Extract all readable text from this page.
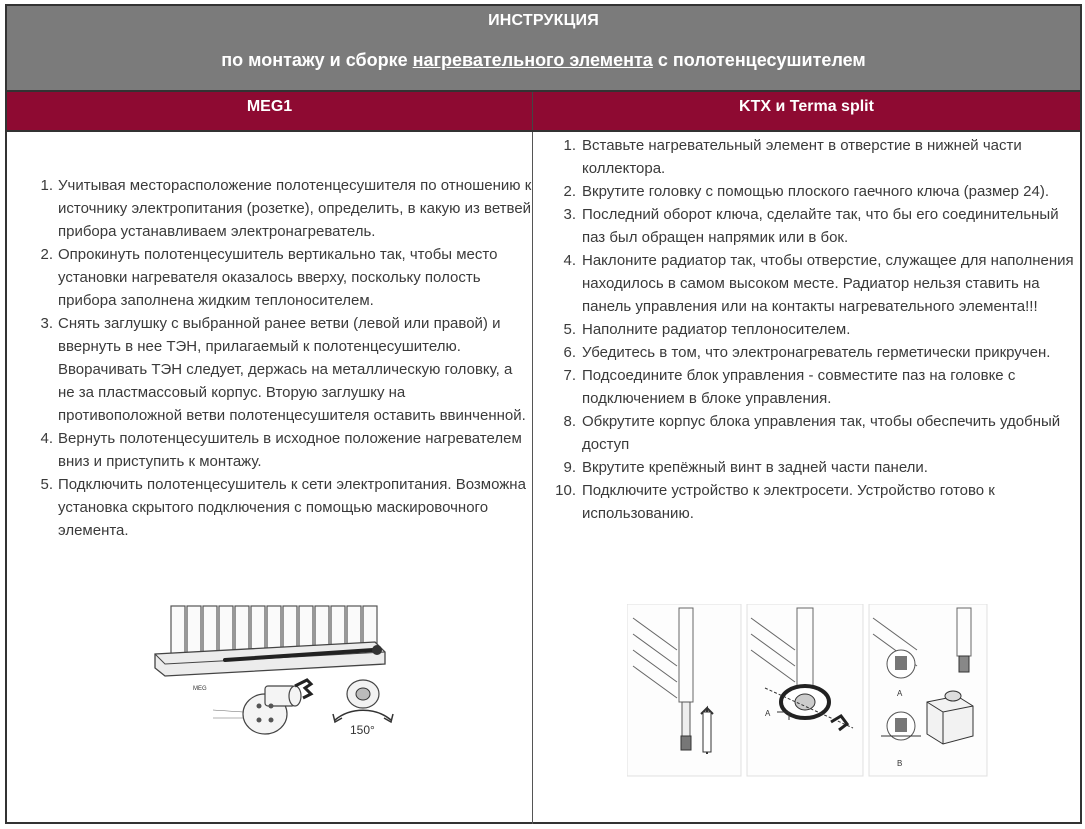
ИНСТРУКЦИЯ
по монтажу и сборке нагревательного элемента с полотенцесушителем
MEG1	KTX и Terma split
1. Учитывая месторасположение полотенцесушителя по отношению к источнику электропитания (розетке), определить, в какую из ветвей прибора устанавливаем электронагреватель.
2. Опрокинуть полотенцесушитель вертикально так, чтобы место установки нагревателя оказалось вверху, поскольку полость прибора заполнена жидким теплоносителем.
3. Снять заглушку с выбранной ранее ветви (левой или правой) и ввернуть в нее ТЭН, прилагаемый к полотенцесушителю. Вворачивать ТЭН следует, держась на металлическую головку, а не за пластмассовый корпус. Вторую заглушку на противоположной ветви полотенцесушителя оставить ввинченной.
4. Вернуть полотенцесушитель в исходное положение нагревателем вниз и приступить к монтажу.
5. Подключить полотенцесушитель к сети электропитания. Возможна установка скрытого подключения с помощью маскировочного элемента.
MEG
150°
1. Вставьте нагревательный элемент в отверстие в нижней части коллектора.
2. Вкрутите головку с помощью плоского гаечного ключа (размер 24).
3. Последний оборот ключа, сделайте так, что бы его соединительный паз был обращен напрямик или в бок.
4. Наклоните радиатор так, чтобы отверстие, служащее для наполнения находилось в самом высоком месте. Радиатор нельзя ставить на панель управления или на контакты нагревательного элемента!!!
5. Наполните радиатор теплоносителем.
6. Убедитесь в том, что электронагреватель герметически прикручен.
7. Подсоедините блок управления - совместите паз на головке с подключением в блоке управления.
8. Обкрутите корпус блока управления так, чтобы обеспечить удобный доступ
9. Вкрутите крепёжный винт в задней части панели.
10. Подключите устройство к электросети. Устройство готово к использованию.
A
A
B
